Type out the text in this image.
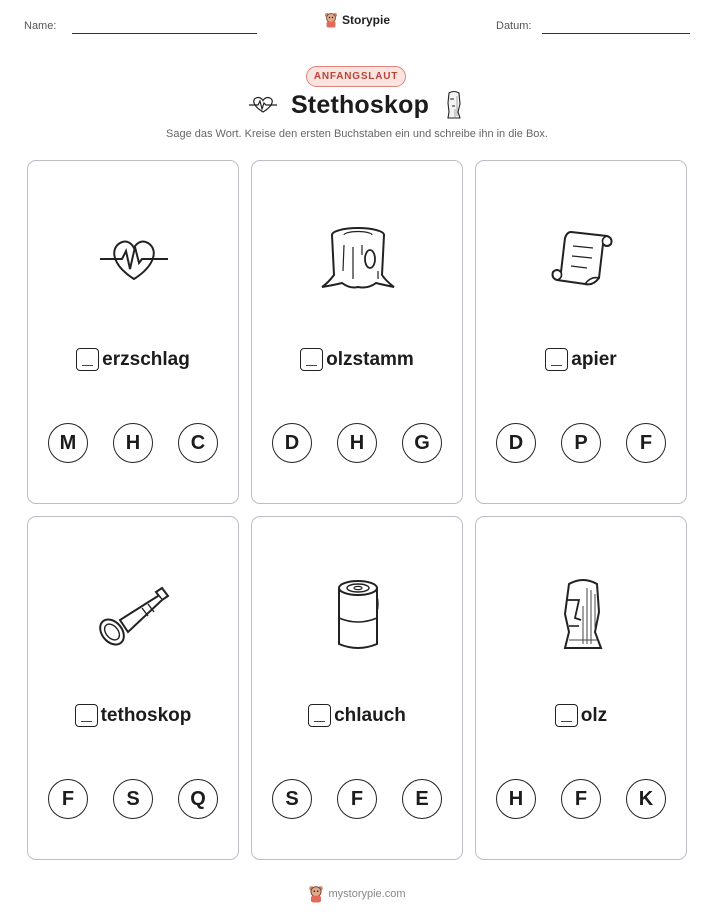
Name:	Storypie	Datum:
ANFANGSLAUT
Stethoskop
Sage das Wort. Kreise den ersten Buchstaben ein und schreibe ihn in die Box.
erzschlag
M	H	C
olzstamm
D	H	G
apier
D	P	F
tethoskop
F	S	Q
chlauch
S	F	E
olz
H	F	K
mystorypie.com
